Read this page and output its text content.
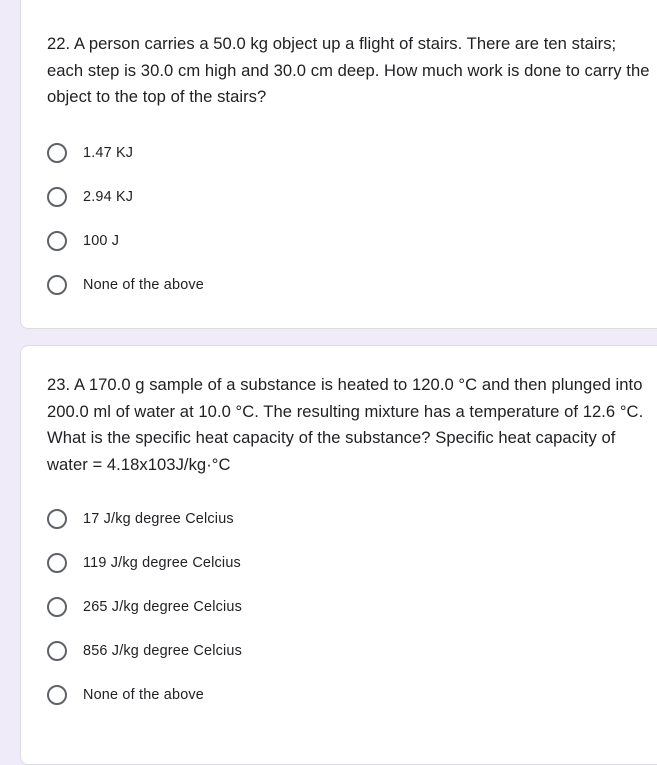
22. A person carries a 50.0 kg object up a flight of stairs. There are ten stairs; each step is 30.0 cm high and 30.0 cm deep. How much work is done to carry the object to the top of the stairs?

1.47 KJ
2.94 KJ
100 J
None of the above

23. A 170.0 g sample of a substance is heated to 120.0 °C and then plunged into 200.0 ml of water at 10.0 °C. The resulting mixture has a temperature of 12.6 °C. What is the specific heat capacity of the substance? Specific heat capacity of water = 4.18x103J/kg·°C

17 J/kg degree Celcius
119 J/kg degree Celcius
265 J/kg degree Celcius
856 J/kg degree Celcius
None of the above
